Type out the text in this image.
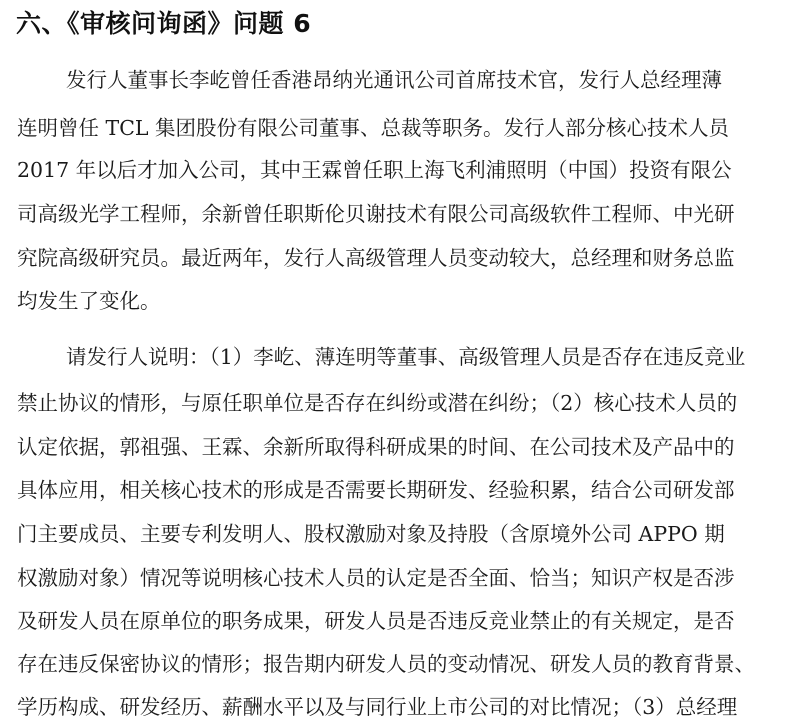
六、《审核问询函》问题 6
发行人董事长李屹曾任香港昂纳光通讯公司首席技术官，发行人总经理薄
连明曾任 TCL 集团股份有限公司董事、总裁等职务。发行人部分核心技术人员
2017 年以后才加入公司，其中王霖曾任职上海飞利浦照明（中国）投资有限公
司高级光学工程师，余新曾任职斯伦贝谢技术有限公司高级软件工程师、中光研
究院高级研究员。最近两年，发行人高级管理人员变动较大，总经理和财务总监
均发生了变化。
请发行人说明：（1）李屹、薄连明等董事、高级管理人员是否存在违反竞业
禁止协议的情形，与原任职单位是否存在纠纷或潜在纠纷；（2）核心技术人员的
认定依据，郭祖强、王霖、余新所取得科研成果的时间、在公司技术及产品中的
具体应用，相关核心技术的形成是否需要长期研发、经验积累，结合公司研发部
门主要成员、主要专利发明人、股权激励对象及持股（含原境外公司 APPO 期
权激励对象）情况等说明核心技术人员的认定是否全面、恰当；知识产权是否涉
及研发人员在原单位的职务成果，研发人员是否违反竞业禁止的有关规定，是否
存在违反保密协议的情形；报告期内研发人员的变动情况、研发人员的教育背景、
学历构成、研发经历、薪酬水平以及与同行业上市公司的对比情况；（3）总经理
